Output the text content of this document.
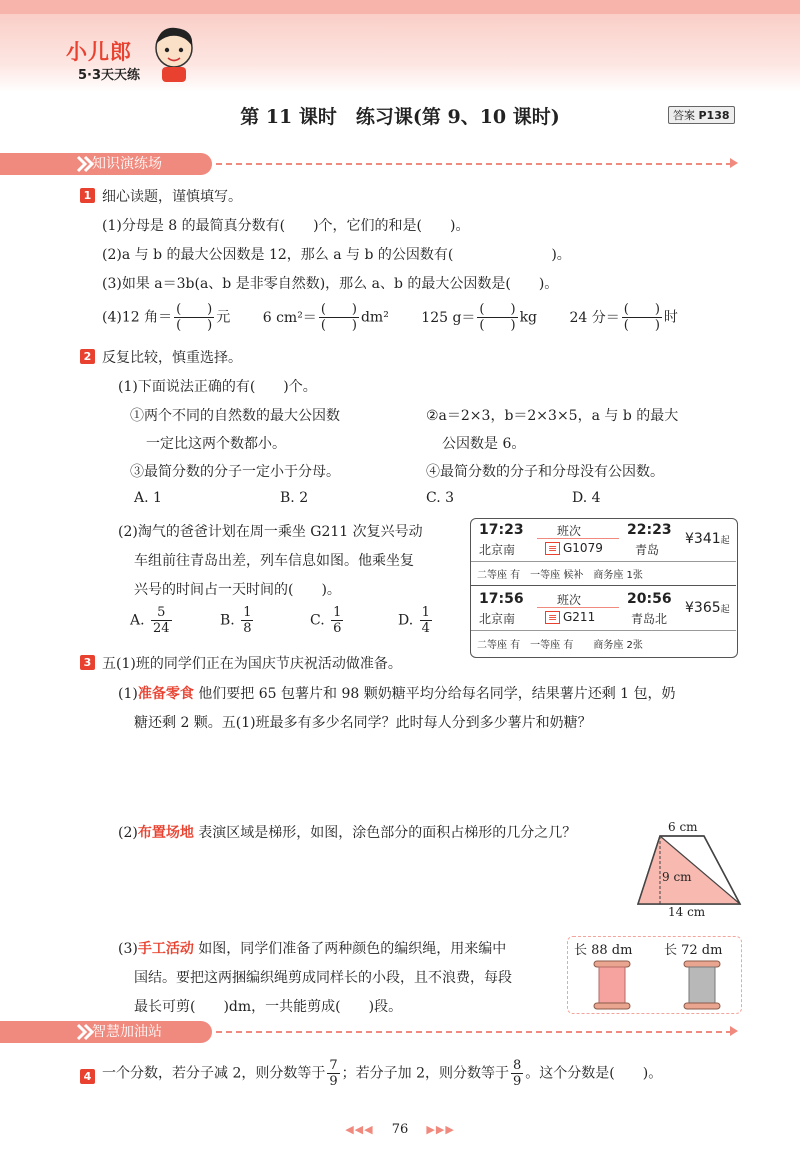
小儿郎
5·3天天练
第 11 课时　练习课(第 9、10 课时)	答案 P138
知识演练场
1 细心读题，谨慎填写。
(1)分母是 8 的最简真分数有(　　)个，它们的和是(　　)。
(2)a 与 b 的最大公因数是 12，那么 a 与 b 的公因数有(　　　　　　　)。
(3)如果 a＝3b(a、b 是非零自然数)，那么 a、b 的最大公因数是(　　)。
(4)12 角＝ $\frac{( )}{( )}$ 元 6 $cm^2= \frac{( )}{( )} dm^2$ 125 $g= \frac{( )}{( )}$ kg 24 分＝ $\frac{( )}{( )}$ 时
2 反复比较，慎重选择。
(1)下面说法正确的有(　　)个。
①两个不同的自然数的最大公因数
一定比这两个数都小。
②a＝2×3，b＝2×3×5，a 与 b 的最大
公因数是 6。
③最简分数的分子一定小于分母。	④最简分数的分子和分母没有公因数。
A. 1	B. 2	C. 3	D. 4
(2)淘气的爸爸计划在周一乘坐 G211 次复兴号动
车组前往青岛出差，列车信息如图。他乘坐复
兴号的时间占一天时间的(　　)。
A. $\frac{5}{24}$	B. $\frac{1}{8}$	C. $\frac{1}{6}$	D. $\frac{1}{4}$
17:23
北京南
班次
≡ G1079
22:23
青岛
¥341起
二等座 有　一等座 候补　商务座 1张
17:56
北京南
班次
≡ G211
20:56
青岛北
¥365起
二等座 有　一等座 有　　商务座 2张
3 五(1)班的同学们正在为国庆节庆祝活动做准备。
(1)准备零食 他们要把 65 包薯片和 98 颗奶糖平均分给每名同学，结果薯片还剩 1 包，奶
糖还剩 2 颗。五(1)班最多有多少名同学？此时每人分到多少薯片和奶糖？
(2)布置场地 表演区域是梯形，如图，涂色部分的面积占梯形的几分之几？	6 cm
9 cm
14 cm
(3)手工活动 如图，同学们准备了两种颜色的编织绳，用来编中
国结。要把这两捆编织绳剪成同样长的小段，且不浪费，每段
最长可剪(　　)dm，一共能剪成(　　)段。
长 88 dm 长 72 dm
智慧加油站
4 一个分数，若分子减 2，则分数等于 $\frac{7}{9}$ ；若分子加 2，则分数等于 $\frac{8}{9}$ 。这个分数是(　　)。
◀◀◀ 76 ▶▶▶
